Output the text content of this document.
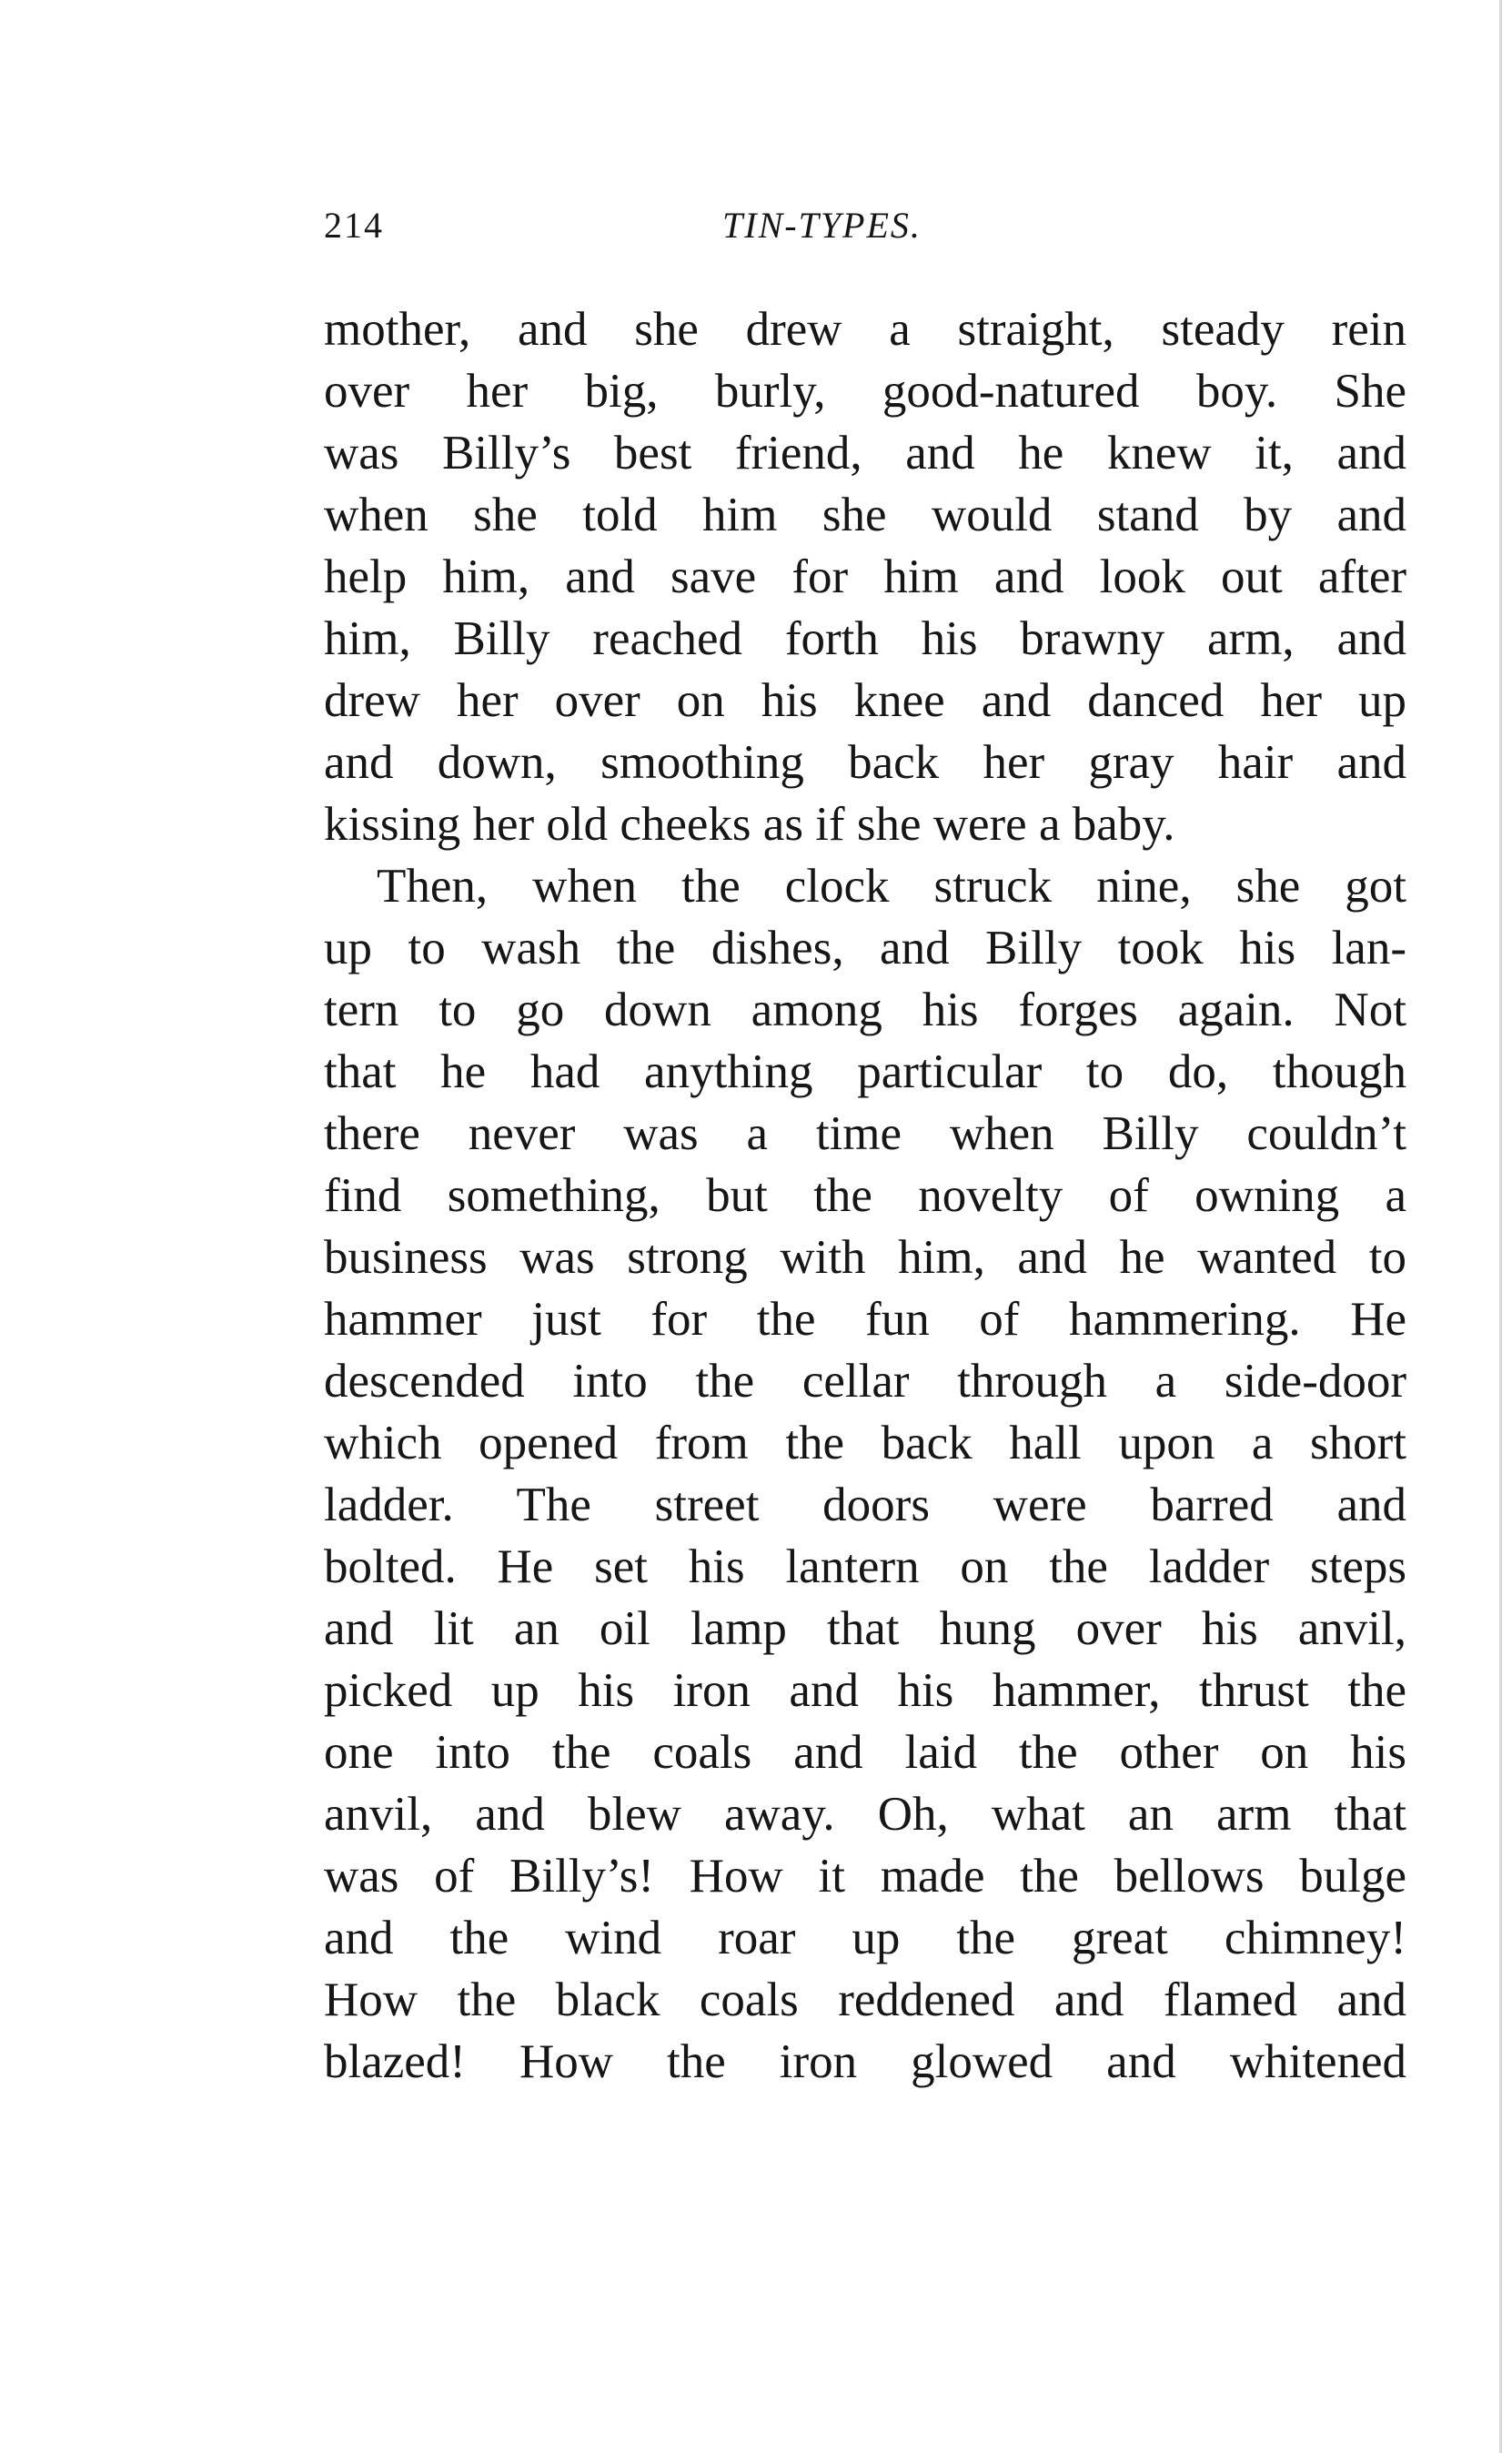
214	TIN-TYPES.
mother, and she drew a straight, steady rein
over her big, burly, good-natured boy. She
was Billy’s best friend, and he knew it, and
when she told him she would stand by and
help him, and save for him and look out after
him, Billy reached forth his brawny arm, and
drew her over on his knee and danced her up
and down, smoothing back her gray hair and
kissing her old cheeks as if she were a baby.
Then, when the clock struck nine, she got
up to wash the dishes, and Billy took his lan-
tern to go down among his forges again. Not
that he had anything particular to do, though
there never was a time when Billy couldn’t
find something, but the novelty of owning a
business was strong with him, and he wanted to
hammer just for the fun of hammering. He
descended into the cellar through a side-door
which opened from the back hall upon a short
ladder. The street doors were barred and
bolted. He set his lantern on the ladder steps
and lit an oil lamp that hung over his anvil,
picked up his iron and his hammer, thrust the
one into the coals and laid the other on his
anvil, and blew away. Oh, what an arm that
was of Billy’s! How it made the bellows bulge
and the wind roar up the great chimney!
How the black coals reddened and flamed and
blazed! How the iron glowed and whitened
